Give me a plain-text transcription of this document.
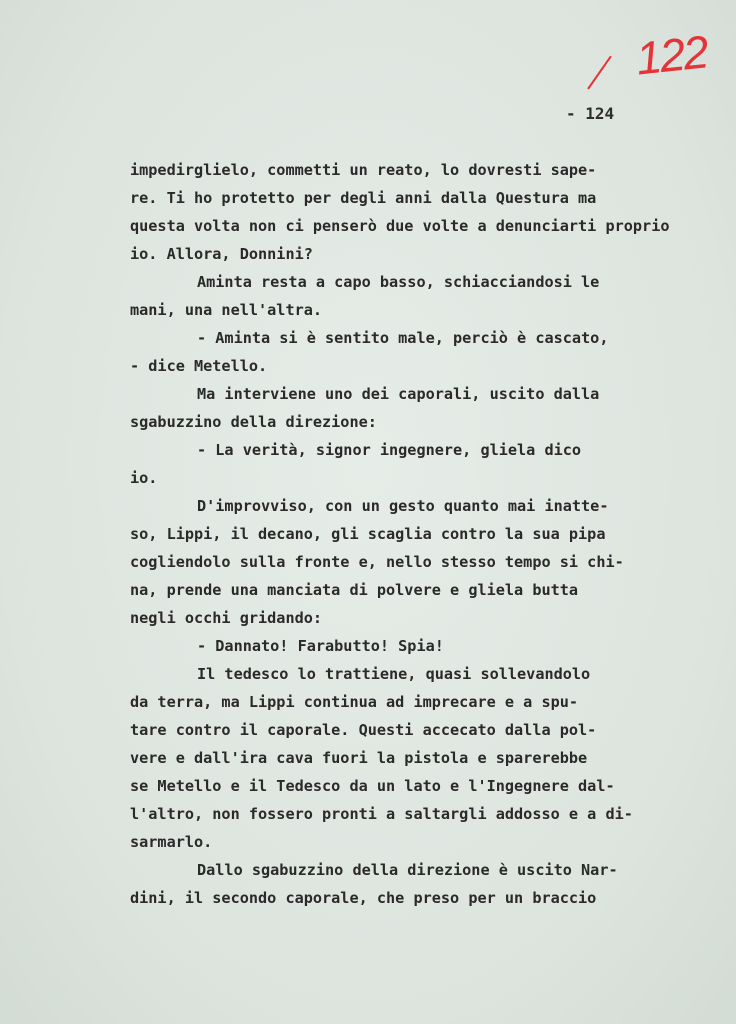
122
- 124
impedirglielo, commetti un reato, lo dovresti sape-
re. Ti ho protetto per degli anni dalla Questura ma
questa volta non ci penserò due volte a denunciarti proprio
io. Allora, Donnini?
Aminta resta a capo basso, schiacciandosi le
mani, una nell'altra.
- Aminta si è sentito male, perciò è cascato,
- dice Metello.
Ma interviene uno dei caporali, uscito dalla
sgabuzzino della direzione:
- La verità, signor ingegnere, gliela dico
io.
D'improvviso, con un gesto quanto mai inatte-
so, Lippi, il decano, gli scaglia contro la sua pipa
cogliendolo sulla fronte e, nello stesso tempo si chi-
na, prende una manciata di polvere e gliela butta
negli occhi gridando:
- Dannato! Farabutto! Spia!
Il tedesco lo trattiene, quasi sollevandolo
da terra, ma Lippi continua ad imprecare e a spu-
tare contro il caporale. Questi accecato dalla pol-
vere e dall'ira cava fuori la pistola e sparerebbe
se Metello e il Tedesco da un lato e l'Ingegnere dal-
l'altro, non fossero pronti a saltargli addosso e a di-
sarmarlo.
Dallo sgabuzzino della direzione è uscito Nar-
dini, il secondo caporale, che preso per un braccio
